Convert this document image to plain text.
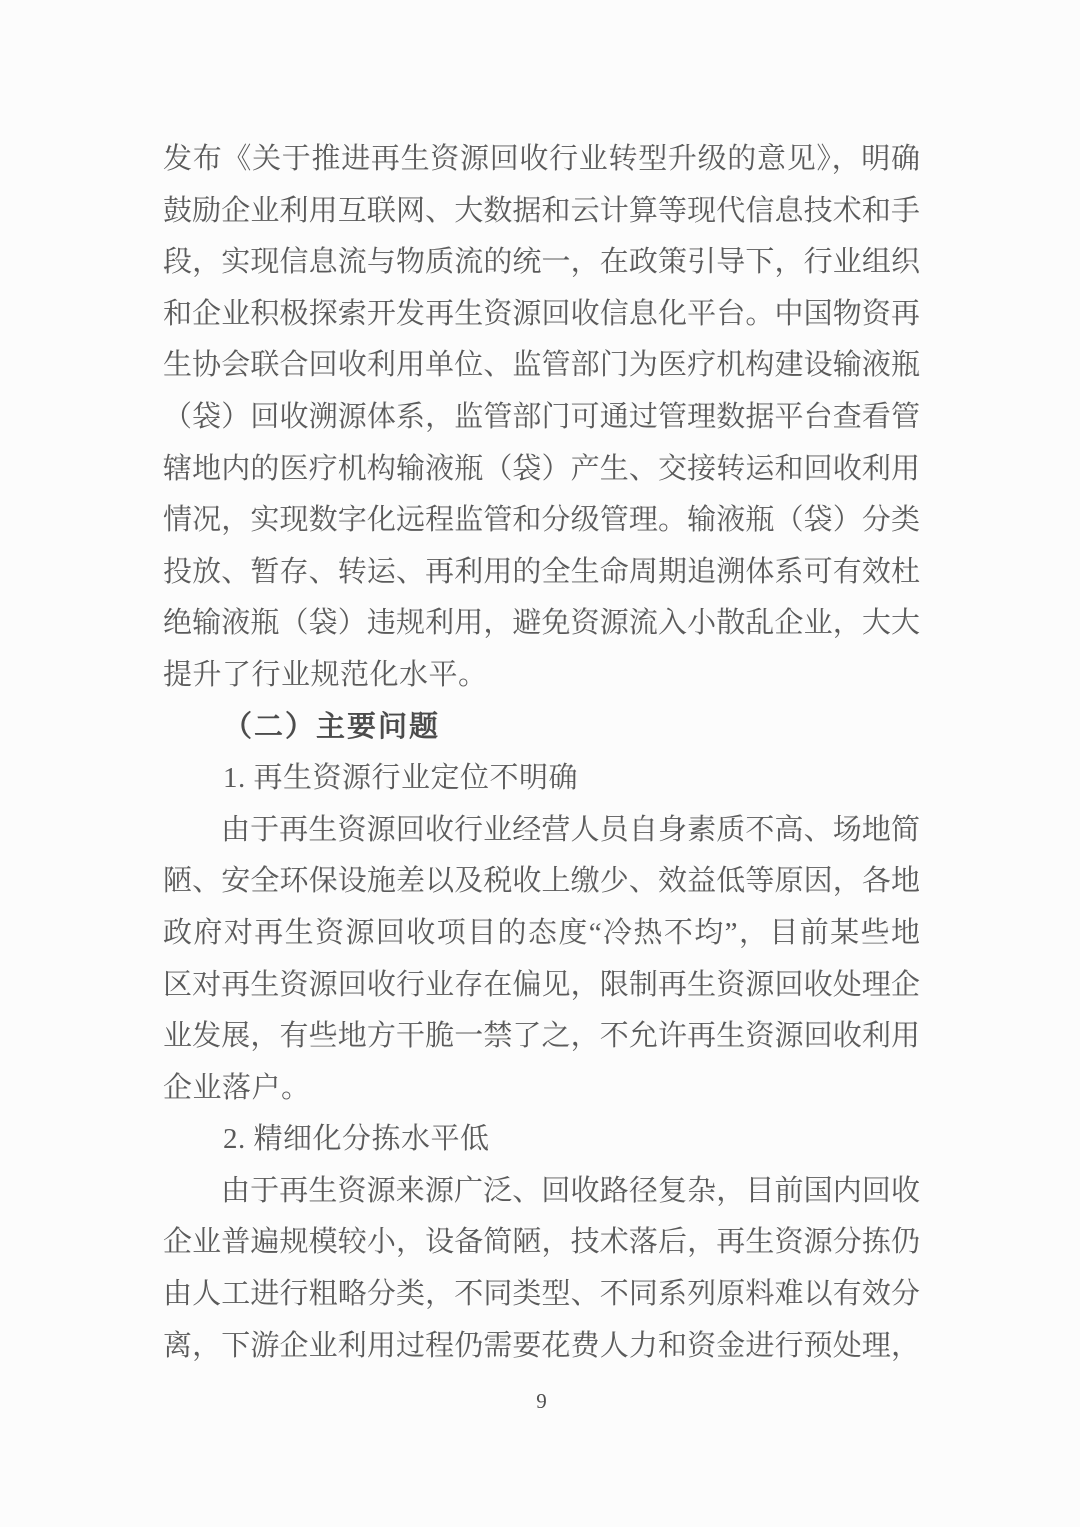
发布《关于推进再生资源回收行业转型升级的意见》，明确
鼓励企业利用互联网、大数据和云计算等现代信息技术和手
段，实现信息流与物质流的统一，在政策引导下，行业组织
和企业积极探索开发再生资源回收信息化平台。中国物资再
生协会联合回收利用单位、监管部门为医疗机构建设输液瓶
（袋）回收溯源体系，监管部门可通过管理数据平台查看管
辖地内的医疗机构输液瓶（袋）产生、交接转运和回收利用
情况，实现数字化远程监管和分级管理。输液瓶（袋）分类
投放、暂存、转运、再利用的全生命周期追溯体系可有效杜
绝输液瓶（袋）违规利用，避免资源流入小散乱企业，大大
提升了行业规范化水平。
（二）主要问题
1. 再生资源行业定位不明确
由于再生资源回收行业经营人员自身素质不高、场地简
陋、安全环保设施差以及税收上缴少、效益低等原因，各地
政府对再生资源回收项目的态度“冷热不均”，目前某些地
区对再生资源回收行业存在偏见，限制再生资源回收处理企
业发展，有些地方干脆一禁了之，不允许再生资源回收利用
企业落户。
2. 精细化分拣水平低
由于再生资源来源广泛、回收路径复杂，目前国内回收
企业普遍规模较小，设备简陋，技术落后，再生资源分拣仍
由人工进行粗略分类，不同类型、不同系列原料难以有效分
离，下游企业利用过程仍需要花费人力和资金进行预处理，
9
